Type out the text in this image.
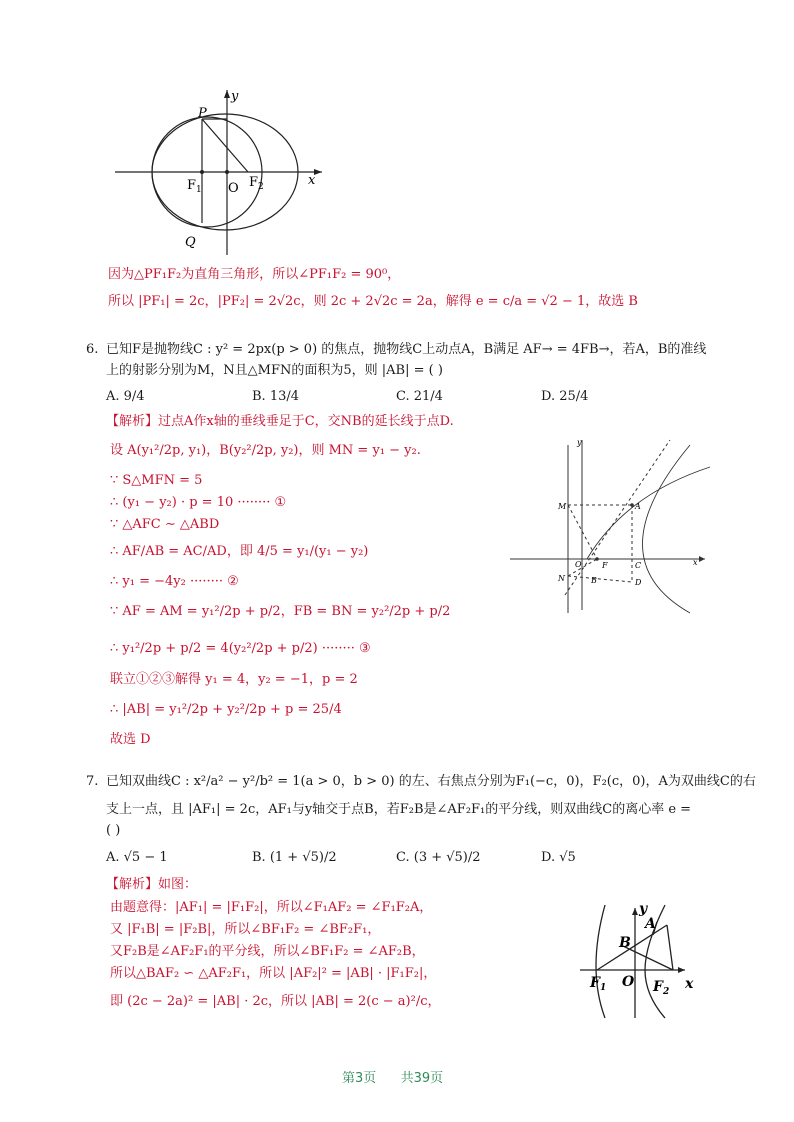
y
x
P
Q
$F_1$ O $F_2$
因为△PF₁F₂为直角三角形，所以∠PF₁F₂ = 90⁰，
所以 |PF₁| = 2c，|PF₂| = 2√2c，则 2c + 2√2c = 2a，解得 e = c/a = √2 − 1，故选 B
6. 已知F是抛物线C : y² = 2px(p > 0) 的焦点，抛物线C上动点A，B满足 AF→ = 4FB→，若A，B的准线
上的射影分别为M，N且△MFN的面积为5，则 |AB| = ( )
A. 9/4	B. 13/4	C. 21/4	D. 25/4
【解析】过点A作x轴的垂线垂足于C，交NB的延长线于点D.
设 A(y₁²/2p, y₁)，B(y₂²/2p, y₂)，则 MN = y₁ − y₂.
∵ S△MFN = 5
∴ (y₁ − y₂) · p = 10 ········ ①
∵ △AFC ∼ △ABD
∴ AF/AB = AC/AD，即 4/5 = y₁/(y₁ − y₂)
∴ y₁ = −4y₂ ········ ②
∵ AF = AM = y₁²/2p + p/2，FB = BN = y₂²/2p + p/2
∴ y₁²/2p + p/2 = 4(y₂²/2p + p/2) ········ ③
联立①②③解得 y₁ = 4，y₂ = −1，p = 2
∴ |AB| = y₁²/2p + y₂²/2p + p = 25/4
故选 D
y
x
M	A
O	F	C
N	B	D
7. 已知双曲线C : x²/a² − y²/b² = 1(a > 0，b > 0) 的左、右焦点分别为F₁(−c，0)，F₂(c，0)，A为双曲线C的右
支上一点，且 |AF₁| = 2c，AF₁与y轴交于点B，若F₂B是∠AF₂F₁的平分线，则双曲线C的离心率 e =
( )
A. √5 − 1	B. (1 + √5)/2	C. (3 + √5)/2	D. √5
【解析】如图：
由题意得：|AF₁| = |F₁F₂|，所以∠F₁AF₂ = ∠F₁F₂A，
又 |F₁B| = |F₂B|，所以∠BF₁F₂ = ∠BF₂F₁，
又F₂B是∠AF₂F₁的平分线，所以∠BF₁F₂ = ∠AF₂B，
所以△BAF₂ ∽ △AF₂F₁，所以 |AF₂|² = |AB| · |F₁F₂|，
即 (2c − 2a)² = |AB| · 2c，所以 |AB| = 2(c − a)²/c，
y
x
A
B
O
$F_1$	$F_2$
第3页 共39页
